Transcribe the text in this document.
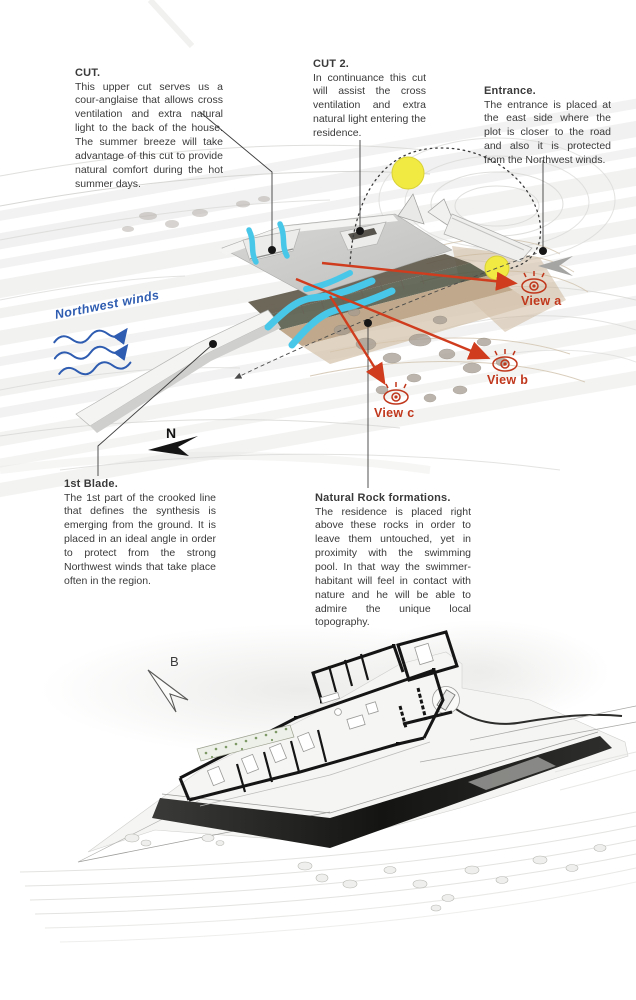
N
B
CUT.
This upper cut serves us a cour-anglaise that allows cross ventilation and extra natural light to the back of the house. The summer breeze will take advantage of this cut to provide natural comfort during the hot summer days.
CUT 2.
In continuance this cut will assist the cross ventilation and extra natural light entering the residence.
Entrance.
The entrance is placed at the east side where the plot is closer to the road and also it is protected from the Northwest winds.
1st Blade.
The 1st part of the crooked line that defines the synthesis is emerging from the ground. It is placed in an ideal angle in order to protect from the strong Northwest winds that take place often in the region.
Natural Rock formations.
The residence is placed right above these rocks in order to leave them untouched, yet in proximity with the swimming pool. In that way the swimmer-habitant will feel in contact with nature and he will be able to admire the unique local topography.
Northwest winds	View a
View b
View c
